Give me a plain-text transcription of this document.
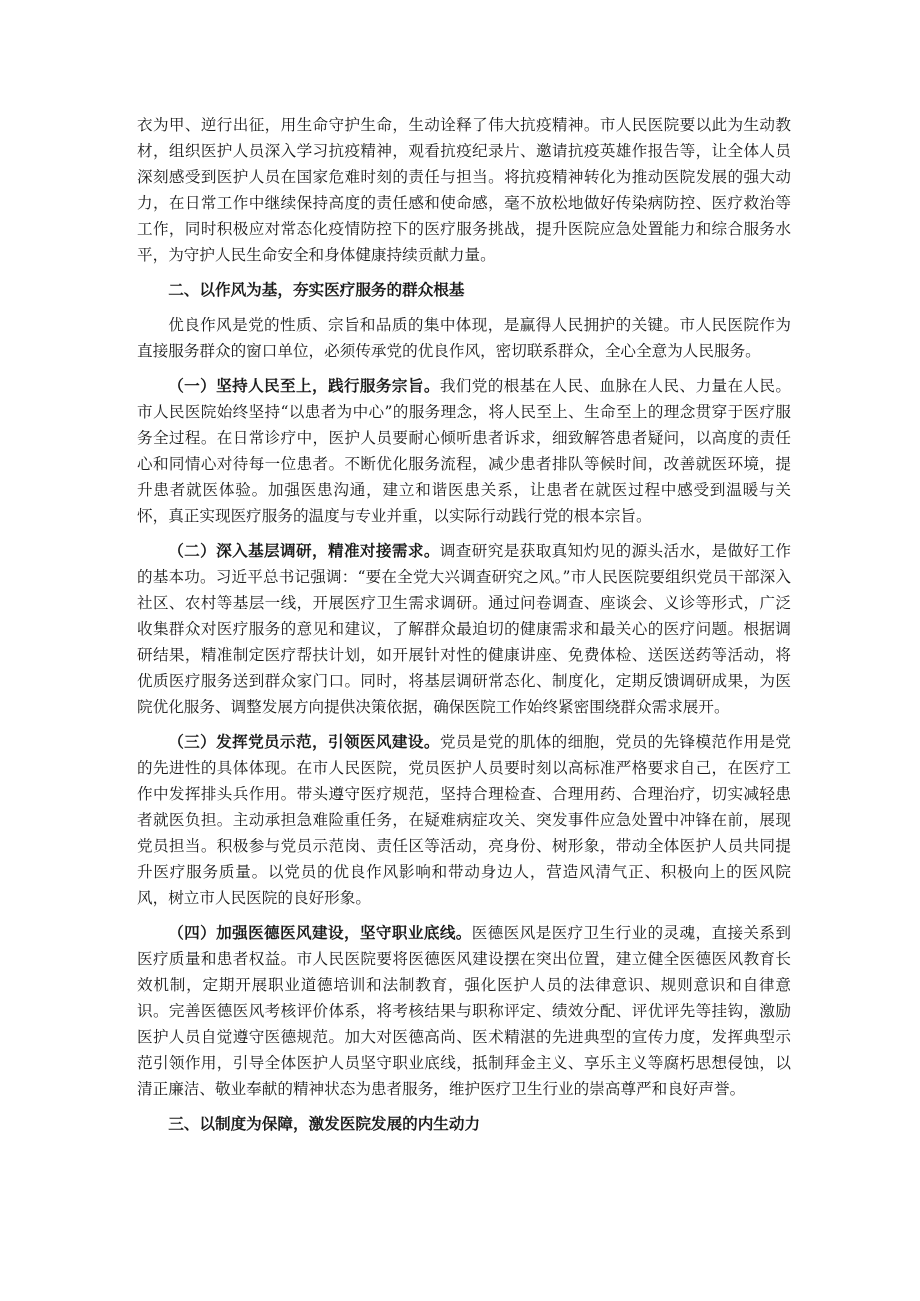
衣为甲、逆行出征，用生命守护生命，生动诠释了伟大抗疫精神。市人民医院要以此为生动教材，组织医护人员深入学习抗疫精神，观看抗疫纪录片、邀请抗疫英雄作报告等，让全体人员深刻感受到医护人员在国家危难时刻的责任与担当。将抗疫精神转化为推动医院发展的强大动力，在日常工作中继续保持高度的责任感和使命感，毫不放松地做好传染病防控、医疗救治等工作，同时积极应对常态化疫情防控下的医疗服务挑战，提升医院应急处置能力和综合服务水平，为守护人民生命安全和身体健康持续贡献力量。

二、以作风为基，夯实医疗服务的群众根基

优良作风是党的性质、宗旨和品质的集中体现，是赢得人民拥护的关键。市人民医院作为直接服务群众的窗口单位，必须传承党的优良作风，密切联系群众，全心全意为人民服务。

（一）坚持人民至上，践行服务宗旨。我们党的根基在人民、血脉在人民、力量在人民。市人民医院始终坚持“以患者为中心”的服务理念，将人民至上、生命至上的理念贯穿于医疗服务全过程。在日常诊疗中，医护人员要耐心倾听患者诉求，细致解答患者疑问，以高度的责任心和同情心对待每一位患者。不断优化服务流程，减少患者排队等候时间，改善就医环境，提升患者就医体验。加强医患沟通，建立和谐医患关系，让患者在就医过程中感受到温暖与关怀，真正实现医疗服务的温度与专业并重，以实际行动践行党的根本宗旨。

（二）深入基层调研，精准对接需求。调查研究是获取真知灼见的源头活水，是做好工作的基本功。习近平总书记强调：“要在全党大兴调查研究之风。”市人民医院要组织党员干部深入社区、农村等基层一线，开展医疗卫生需求调研。通过问卷调查、座谈会、义诊等形式，广泛收集群众对医疗服务的意见和建议，了解群众最迫切的健康需求和最关心的医疗问题。根据调研结果，精准制定医疗帮扶计划，如开展针对性的健康讲座、免费体检、送医送药等活动，将优质医疗服务送到群众家门口。同时，将基层调研常态化、制度化，定期反馈调研成果，为医院优化服务、调整发展方向提供决策依据，确保医院工作始终紧密围绕群众需求展开。

（三）发挥党员示范，引领医风建设。党员是党的肌体的细胞，党员的先锋模范作用是党的先进性的具体体现。在市人民医院，党员医护人员要时刻以高标准严格要求自己，在医疗工作中发挥排头兵作用。带头遵守医疗规范，坚持合理检查、合理用药、合理治疗，切实减轻患者就医负担。主动承担急难险重任务，在疑难病症攻关、突发事件应急处置中冲锋在前，展现党员担当。积极参与党员示范岗、责任区等活动，亮身份、树形象，带动全体医护人员共同提升医疗服务质量。以党员的优良作风影响和带动身边人，营造风清气正、积极向上的医风院风，树立市人民医院的良好形象。

（四）加强医德医风建设，坚守职业底线。医德医风是医疗卫生行业的灵魂，直接关系到医疗质量和患者权益。市人民医院要将医德医风建设摆在突出位置，建立健全医德医风教育长效机制，定期开展职业道德培训和法制教育，强化医护人员的法律意识、规则意识和自律意识。完善医德医风考核评价体系，将考核结果与职称评定、绩效分配、评优评先等挂钩，激励医护人员自觉遵守医德规范。加大对医德高尚、医术精湛的先进典型的宣传力度，发挥典型示范引领作用，引导全体医护人员坚守职业底线，抵制拜金主义、享乐主义等腐朽思想侵蚀，以清正廉洁、敬业奉献的精神状态为患者服务，维护医疗卫生行业的崇高尊严和良好声誉。

三、以制度为保障，激发医院发展的内生动力
